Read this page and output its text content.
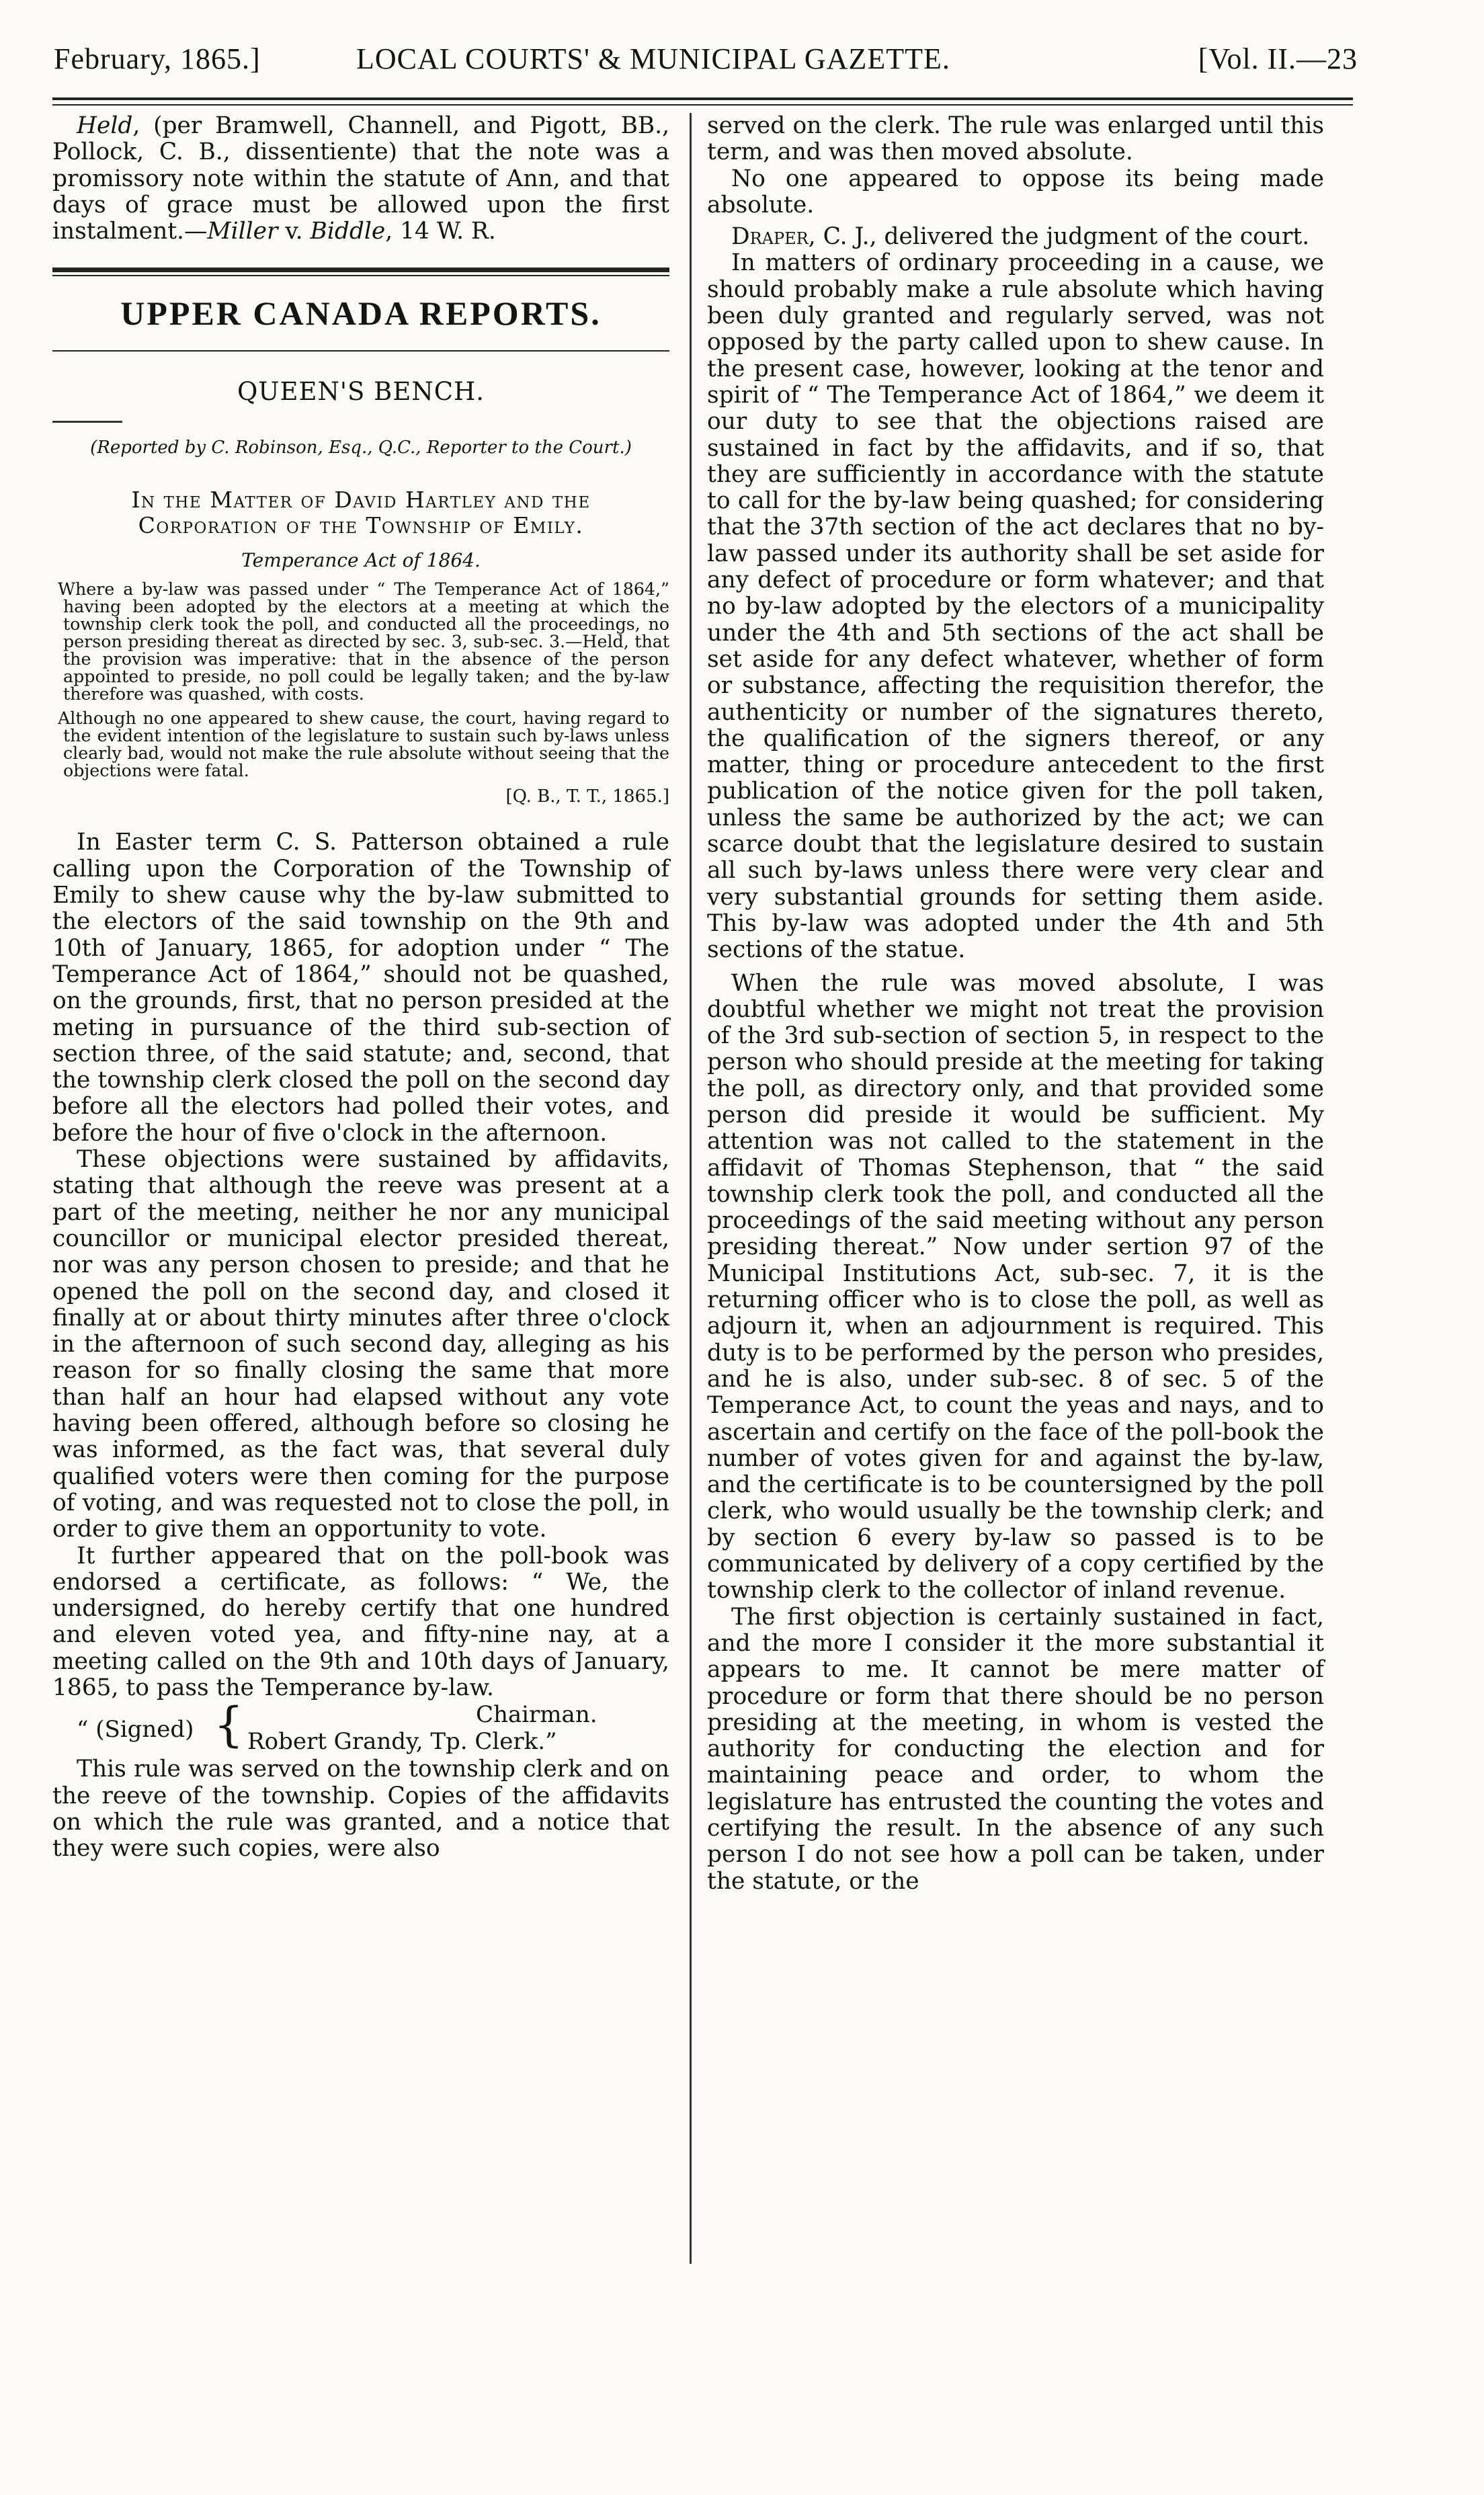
February, 1865.]	LOCAL COURTS' & MUNICIPAL GAZETTE.	[Vol. II.—23

Held, (per Bramwell, Channell, and Pigott, BB., Pollock, C. B., dissentiente) that the note was a promissory note within the statute of Ann, and that days of grace must be allowed upon the first instalment.—Miller v. Biddle, 14 W. R.

UPPER CANADA REPORTS.
QUEEN'S BENCH.
(Reported by C. Robinson, Esq., Q.C., Reporter to the Court.)
In the Matter of David Hartley and the
Corporation of the Township of Emily.
Temperance Act of 1864.

Where a by-law was passed under “ The Temperance Act of 1864,” having been adopted by the electors at a meeting at which the township clerk took the poll, and conducted all the proceedings, no person presiding thereat as directed by sec. 3, sub-sec. 3.—Held, that the provision was imperative: that in the absence of the person appointed to preside, no poll could be legally taken; and the by-law therefore was quashed, with costs.

Although no one appeared to shew cause, the court, having regard to the evident intention of the legislature to sustain such by-laws unless clearly bad, would not make the rule absolute without seeing that the objections were fatal.

[Q. B., T. T., 1865.]

In Easter term C. S. Patterson obtained a rule calling upon the Corporation of the Township of Emily to shew cause why the by-law submitted to the electors of the said township on the 9th and 10th of January, 1865, for adoption under “ The Temperance Act of 1864,” should not be quashed, on the grounds, first, that no person presided at the meting in pursuance of the third sub-section of section three, of the said statute; and, second, that the township clerk closed the poll on the second day before all the electors had polled their votes, and before the hour of five o'clock in the afternoon.

These objections were sustained by affidavits, stating that although the reeve was present at a part of the meeting, neither he nor any municipal councillor or municipal elector presided thereat, nor was any person chosen to preside; and that he opened the poll on the second day, and closed it finally at or about thirty minutes after three o'clock in the afternoon of such second day, alleging as his reason for so finally closing the same that more than half an hour had elapsed without any vote having been offered, although before so closing he was informed, as the fact was, that several duly qualified voters were then coming for the purpose of voting, and was requested not to close the poll, in order to give them an opportunity to vote.

It further appeared that on the poll-book was endorsed a certificate, as follows: “ We, the undersigned, do hereby certify that one hundred and eleven voted yea, and fifty-nine nay, at a meeting called on the 9th and 10th days of January, 1865, to pass the Temperance by-law.

“ (Signed) {	Chairman.
Robert Grandy, Tp. Clerk.”

This rule was served on the township clerk and on the reeve of the township. Copies of the affidavits on which the rule was granted, and a notice that they were such copies, were also

served on the clerk. The rule was enlarged until this term, and was then moved absolute.

No one appeared to oppose its being made absolute.

Draper, C. J., delivered the judgment of the court.

In matters of ordinary proceeding in a cause, we should probably make a rule absolute which having been duly granted and regularly served, was not opposed by the party called upon to shew cause. In the present case, however, looking at the tenor and spirit of “ The Temperance Act of 1864,” we deem it our duty to see that the objections raised are sustained in fact by the affidavits, and if so, that they are sufficiently in accordance with the statute to call for the by-law being quashed; for considering that the 37th section of the act declares that no by-law passed under its authority shall be set aside for any defect of procedure or form whatever; and that no by-law adopted by the electors of a municipality under the 4th and 5th sections of the act shall be set aside for any defect whatever, whether of form or substance, affecting the requisition therefor, the authenticity or number of the signatures thereto, the qualification of the signers thereof, or any matter, thing or procedure antecedent to the first publication of the notice given for the poll taken, unless the same be authorized by the act; we can scarce doubt that the legislature desired to sustain all such by-laws unless there were very clear and very substantial grounds for setting them aside. This by-law was adopted under the 4th and 5th sections of the statue.

When the rule was moved absolute, I was doubtful whether we might not treat the provision of the 3rd sub-section of section 5, in respect to the person who should preside at the meeting for taking the poll, as directory only, and that provided some person did preside it would be sufficient. My attention was not called to the statement in the affidavit of Thomas Stephenson, that “ the said township clerk took the poll, and conducted all the proceedings of the said meeting without any person presiding thereat.” Now under sertion 97 of the Municipal Institutions Act, sub-sec. 7, it is the returning officer who is to close the poll, as well as adjourn it, when an adjournment is required. This duty is to be performed by the person who presides, and he is also, under sub-sec. 8 of sec. 5 of the Temperance Act, to count the yeas and nays, and to ascertain and certify on the face of the poll-book the number of votes given for and against the by-law, and the certificate is to be countersigned by the poll clerk, who would usually be the township clerk; and by section 6 every by-law so passed is to be communicated by delivery of a copy certified by the township clerk to the collector of inland revenue.

The first objection is certainly sustained in fact, and the more I consider it the more substantial it appears to me. It cannot be mere matter of procedure or form that there should be no person presiding at the meeting, in whom is vested the authority for conducting the election and for maintaining peace and order, to whom the legislature has entrusted the counting the votes and certifying the result. In the absence of any such person I do not see how a poll can be taken, under the statute, or the
